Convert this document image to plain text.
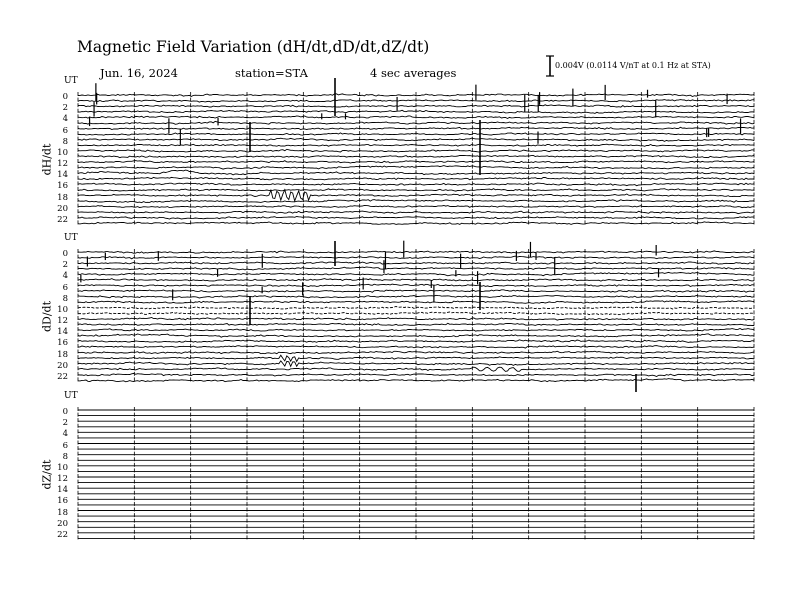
Magnetic Field Variation (dH/dt,dD/dt,dZ/dt)
Jun. 16, 2024	station=STA	4 sec averages
0.004V (0.0114 V/nT at 0.1 Hz at STA)
UT
dH/dt
0
2
4
6
8
10
12
14
16
18
20
22
UT
dD/dt
0
2
4
6
8
10
12
14
16
18
20
22
UT
dZ/dt
0
2
4
6
8
10
12
14
16
18
20
22
